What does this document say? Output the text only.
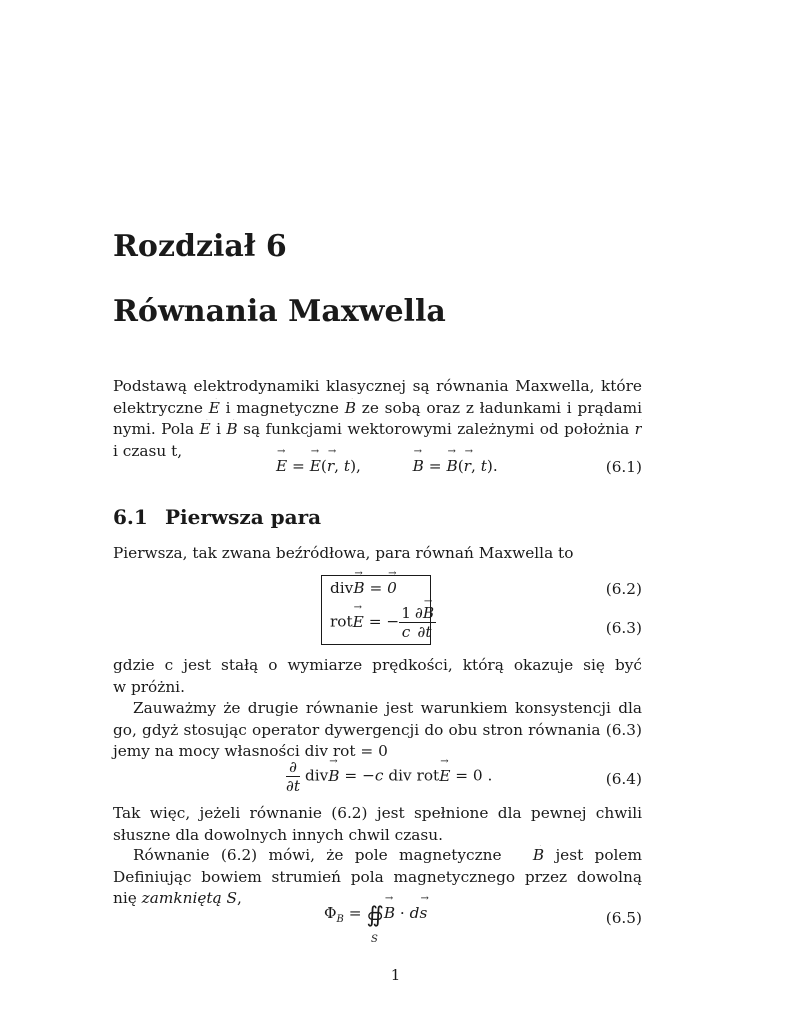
Rozdział 6
Równania Maxwella
Podstawą elektrodynamiki klasycznej są równania Maxwella, które
elektryczne → E i magnetyczne → B ze sobą oraz z ładunkami i prądami
nymi. Pola → E i → B są funkcjami wektorowymi zależnymi od położnia → r
i czasu t,
→ E = → E(→ r, t),	→ B = → B(→ r, t).	(6.1)
6.1 Pierwsza para
Pierwsza, tak zwana beźródłowa, para równań Maxwella to
div→ B = → 0	(6.2)
rot→ E = − $\frac{1}{c} \frac{\partial\to B}{\partial t}$	(6.3)
gdzie c jest stałą o wymiarze prędkości, którą okazuje się być
w próżni.
Zauważmy że drugie równanie jest warunkiem konsystencji dla
go, gdyż stosując operator dywergencji do obu stron równania (6.3)
jemy na mocy własności div rot = 0
$\frac{\partial}{\partial t} div\to B = -c$ div rot→ E = 0 .	(6.4)
Tak więc, jeżeli równanie (6.2) jest spełnione dla pewnej chwili
słuszne dla dowolnych innych chwil czasu.
Równanie (6.2) mówi, że pole magnetyczne → B jest polem
Definiując bowiem strumień pola magnetycznego przez dowolną
nię zamkniętą S,
$\Phi_B$ = ∯→ B · d→ s
S
(6.5)
1
